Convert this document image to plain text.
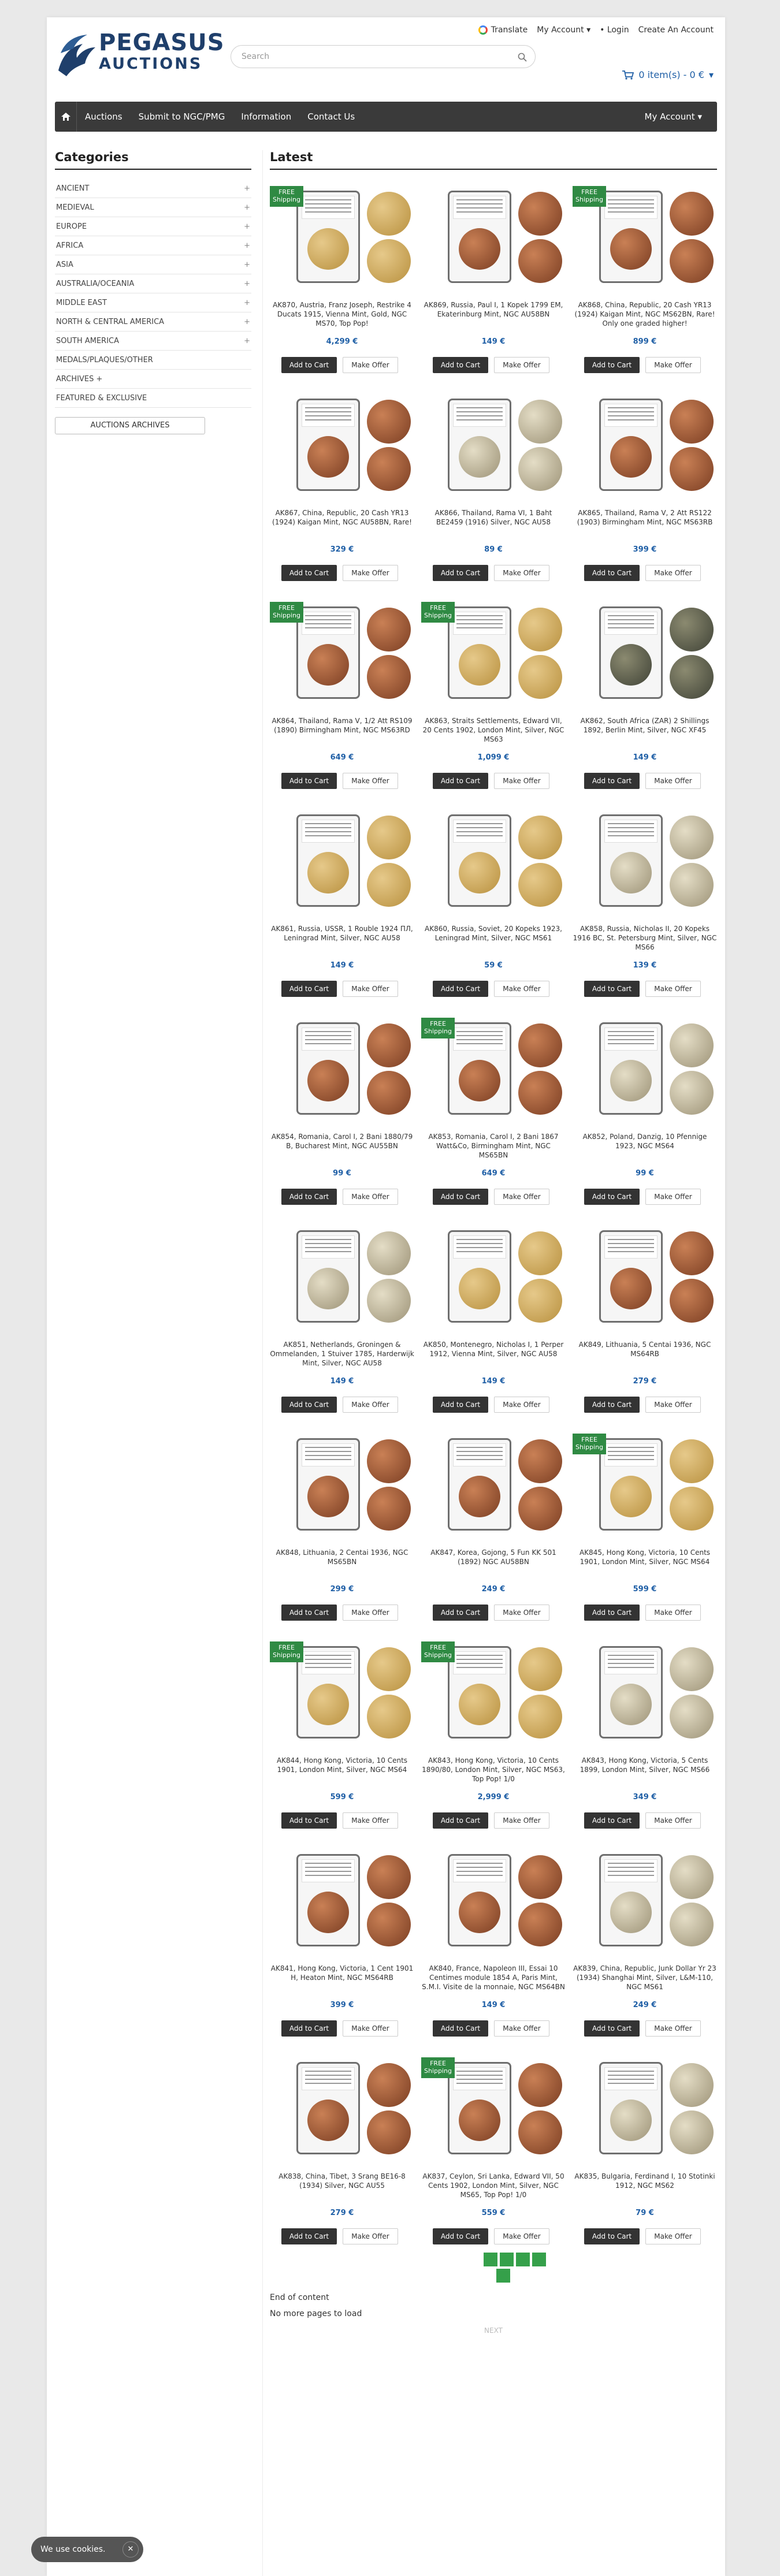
PEGASUS
AUCTIONS
Translate My Account ▾ • Login Create An Account
Search
0 item(s) - 0 € ▾
Auctions	Submit to NGC/PMG	Information	Contact Us	My Account ▾
Categories
ANCIENT	+
MEDIEVAL	+
EUROPE	+
AFRICA	+
ASIA	+
AUSTRALIA/OCEANIA	+
MIDDLE EAST	+
NORTH & CENTRAL AMERICA	+
SOUTH AMERICA	+
MEDALS/PLAQUES/OTHER
ARCHIVES +
FEATURED & EXCLUSIVE
AUCTIONS ARCHIVES
Latest
FREE
Shipping
AK870, Austria, Franz Joseph, Restrike 4 Ducats 1915, Vienna Mint, Gold, NGC MS70, Top Pop!
4,299 €
Add to Cart	Make Offer
AK869, Russia, Paul I, 1 Kopek 1799 EM, Ekaterinburg Mint, NGC AU58BN
149 €
Add to Cart	Make Offer
FREE
Shipping
AK868, China, Republic, 20 Cash YR13 (1924) Kaigan Mint, NGC MS62BN, Rare! Only one graded higher!
899 €
Add to Cart	Make Offer
AK867, China, Republic, 20 Cash YR13 (1924) Kaigan Mint, NGC AU58BN, Rare!
329 €
Add to Cart	Make Offer
AK866, Thailand, Rama VI, 1 Baht BE2459 (1916) Silver, NGC AU58
89 €
Add to Cart	Make Offer
AK865, Thailand, Rama V, 2 Att RS122 (1903) Birmingham Mint, NGC MS63RB
399 €
Add to Cart	Make Offer
FREE
Shipping
AK864, Thailand, Rama V, 1/2 Att RS109 (1890) Birmingham Mint, NGC MS63RD
649 €
Add to Cart	Make Offer
FREE
Shipping
AK863, Straits Settlements, Edward VII, 20 Cents 1902, London Mint, Silver, NGC MS63
1,099 €
Add to Cart	Make Offer
AK862, South Africa (ZAR) 2 Shillings 1892, Berlin Mint, Silver, NGC XF45
149 €
Add to Cart	Make Offer
AK861, Russia, USSR, 1 Rouble 1924 ПЛ, Leningrad Mint, Silver, NGC AU58
149 €
Add to Cart	Make Offer
AK860, Russia, Soviet, 20 Kopeks 1923, Leningrad Mint, Silver, NGC MS61
59 €
Add to Cart	Make Offer
AK858, Russia, Nicholas II, 20 Kopeks 1916 BC, St. Petersburg Mint, Silver, NGC MS66
139 €
Add to Cart	Make Offer
AK854, Romania, Carol I, 2 Bani 1880/79 B, Bucharest Mint, NGC AU55BN
99 €
Add to Cart	Make Offer
FREE
Shipping
AK853, Romania, Carol I, 2 Bani 1867 Watt&Co, Birmingham Mint, NGC MS65BN
649 €
Add to Cart	Make Offer
AK852, Poland, Danzig, 10 Pfennige 1923, NGC MS64
99 €
Add to Cart	Make Offer
AK851, Netherlands, Groningen & Ommelanden, 1 Stuiver 1785, Harderwijk Mint, Silver, NGC AU58
149 €
Add to Cart	Make Offer
AK850, Montenegro, Nicholas I, 1 Perper 1912, Vienna Mint, Silver, NGC AU58
149 €
Add to Cart	Make Offer
AK849, Lithuania, 5 Centai 1936, NGC MS64RB
279 €
Add to Cart	Make Offer
AK848, Lithuania, 2 Centai 1936, NGC MS65BN
299 €
Add to Cart	Make Offer
AK847, Korea, Gojong, 5 Fun KK 501 (1892) NGC AU58BN
249 €
Add to Cart	Make Offer
FREE
Shipping
AK845, Hong Kong, Victoria, 10 Cents 1901, London Mint, Silver, NGC MS64
599 €
Add to Cart	Make Offer
FREE
Shipping
AK844, Hong Kong, Victoria, 10 Cents 1901, London Mint, Silver, NGC MS64
599 €
Add to Cart	Make Offer
FREE
Shipping
AK843, Hong Kong, Victoria, 10 Cents 1890/80, London Mint, Silver, NGC MS63, Top Pop! 1/0
2,999 €
Add to Cart	Make Offer
AK843, Hong Kong, Victoria, 5 Cents 1899, London Mint, Silver, NGC MS66
349 €
Add to Cart	Make Offer
AK841, Hong Kong, Victoria, 1 Cent 1901 H, Heaton Mint, NGC MS64RB
399 €
Add to Cart	Make Offer
AK840, France, Napoleon III, Essai 10 Centimes module 1854 A, Paris Mint, S.M.I. Visite de la monnaie, NGC MS64BN
149 €
Add to Cart	Make Offer
AK839, China, Republic, Junk Dollar Yr 23 (1934) Shanghai Mint, Silver, L&M-110, NGC MS61
249 €
Add to Cart	Make Offer
AK838, China, Tibet, 3 Srang BE16-8 (1934) Silver, NGC AU55
279 €
Add to Cart	Make Offer
FREE
Shipping
AK837, Ceylon, Sri Lanka, Edward VII, 50 Cents 1902, London Mint, Silver, NGC MS65, Top Pop! 1/0
559 €
Add to Cart	Make Offer
AK835, Bulgaria, Ferdinand I, 10 Stotinki 1912, NGC MS62
79 €
Add to Cart	Make Offer
End of content
No more pages to load
NEXT
We use cookies.	✕
